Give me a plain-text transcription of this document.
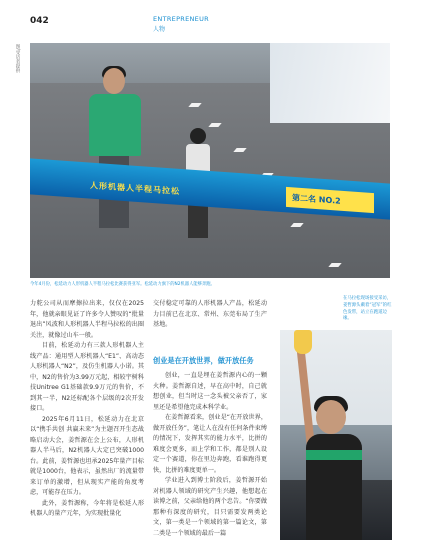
042	ENTREPRENEUR
人物
图/受访者提供
人形机器人半程马拉松
第二名 NO.2
今年4月份，松延动力人形机器人半程马拉松比赛获得亚军。松延动力旗下的N2机器人能够奔跑。

力舵公司从而摩擦拉出来，仅仅在2025年，他就亲眼见证了许多令人赞叹的“批量退出”风波和人形机器人半程马拉松的出圈关注，就像过山车一般。

目前，松延动力有三款人形机器人主线产品：通用型人形机器人“E1”、高动态人形机器人“N2”，及仿生机器人小诺。其中，N2的售价为3.99万元起，相较宇树科技Unitree G1基础款9.9万元的售价，不到其一半，N2还标配各个层级的2次开发接口。

2025年6月11日，松延动力在北京以“携手共创 共赢未来”为主题召开生态战略启动大会，姜哲源在会上公布，人形机器人半马后，N2机器人大定已突破1000台。此前，姜哲源也坦承2025年量产目标就是1000台，他表示，虽然出厂的流量带来订单的激增，但从现实产能的角度考虑，可能存在压力。

此外，姜哲源称，今年将是松延人形机器人的量产元年，为实现批量化

交付稳定可靠的人形机器人产品，松延动力目前已在北京、常州、东莞布局了生产基地。

创业是在开放世界，做开放任务

创业，一直是埋在姜哲源内心的一颗火种。姜哲源自述，早在高中时，自己就想创业，但当时这一念头被父亲否了，家里还是希望他完成本科学业。

在姜哲源看来，创业是“在开放世界，做开放任务”，笔让人在没有任何条件束缚的情况下，发挥其实的能力水平，比拼的难度会更多，而上学和工作，都是别人设定一个赛道，你在里边奔跑，看谁跑得更快，比拼的难度更单一。

学业进入到博士阶段后，姜哲源开始对机器人领域的研究产生兴趣，他想起在读博之前，父亲给他的两个忠告。“你要做那种有深度的研究，目只需要发两类论文，第一类是一个领域的第一篇论文，第二类是一个领域的最后一篇

在马拉松现场接受采访，姜哲源头戴着“冠军”的红色发带，站立在跑道边缘。
